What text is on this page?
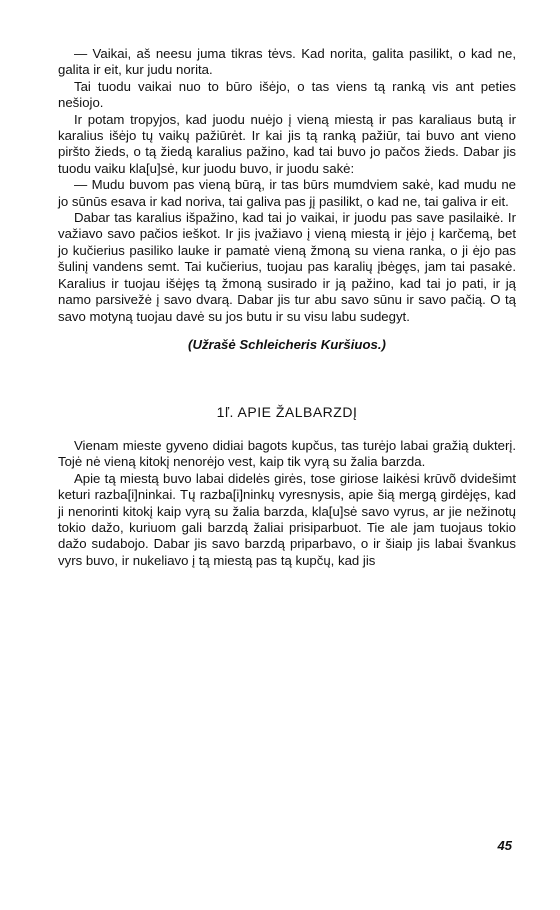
— Vaikai, aš neesu juma tikras tėvs. Kad norita, galita pasilikt, o kad ne, galita ir eit, kur judu norita.

Tai tuodu vaikai nuo to būro išėjo, o tas viens tą ranką vis ant peties nešiojo.

Ir potam tropyjos, kad juodu nuėjo į vieną miestą ir pas karaliaus butą ir karalius išėjo tų vaikų pažiūrėt. Ir kai jis tą ranką pažiūr, tai buvo ant vieno piršto žieds, o tą žiedą karalius pažino, kad tai buvo jo pačos žieds. Dabar jis tuodu vaiku kla[u]sė, kur juodu buvo, ir juodu sakė:

— Mudu buvom pas vieną būrą, ir tas būrs mumdviem sakė, kad mudu ne jo sūnūs esava ir kad noriva, tai galiva pas jį pasilikt, o kad ne, tai galiva ir eit.

Dabar tas karalius išpažino, kad tai jo vaikai, ir juodu pas save pasilaikė. Ir važiavo savo pačios ieškot. Ir jis įvažiavo į vieną miestą ir įėjo į karčemą, bet jo kučierius pasiliko lauke ir pamatė vieną žmoną su viena ranka, o ji ėjo pas šulinį vandens semt. Tai kučierius, tuojau pas karalių įbėgęs, jam tai pasakė. Karalius ir tuojau išėjęs tą žmoną susirado ir ją pažino, kad tai jo pati, ir ją namo parsivežė į savo dvarą. Dabar jis tur abu savo sūnu ir savo pačią. O tą savo motyną tuojau davė su jos butu ir su visu labu sudegyt.

(Užrašė Schleicheris Kuršiuos.)

1ľ. APIE ŽALBARZDĮ

Vienam mieste gyveno didiai bagots kupčus, tas turėjo labai gražią dukterį. Tojė nė vieną kitokį nenorėjo vest, kaip tik vyrą su žalia barzda.

Apie tą miestą buvo labai didelės girės, tose giriose laikėsi krūvõ dvidešimt keturi razba[i]ninkai. Tų razba[i]ninkų vyresnysis, apie šią mergą girdėjęs, kad ji nenorinti kitokį kaip vyrą su žalia barzda, kla[u]sė savo vyrus, ar jie nežinotų tokio dažo, kuriuom gali barzdą žaliai prisiparbuot. Tie ale jam tuojaus tokio dažo sudabojo. Dabar jis savo barzdą priparbavo, o ir šiaip jis labai švankus vyrs buvo, ir nukeliavo į tą miestą pas tą kupčų, kad jis

45
